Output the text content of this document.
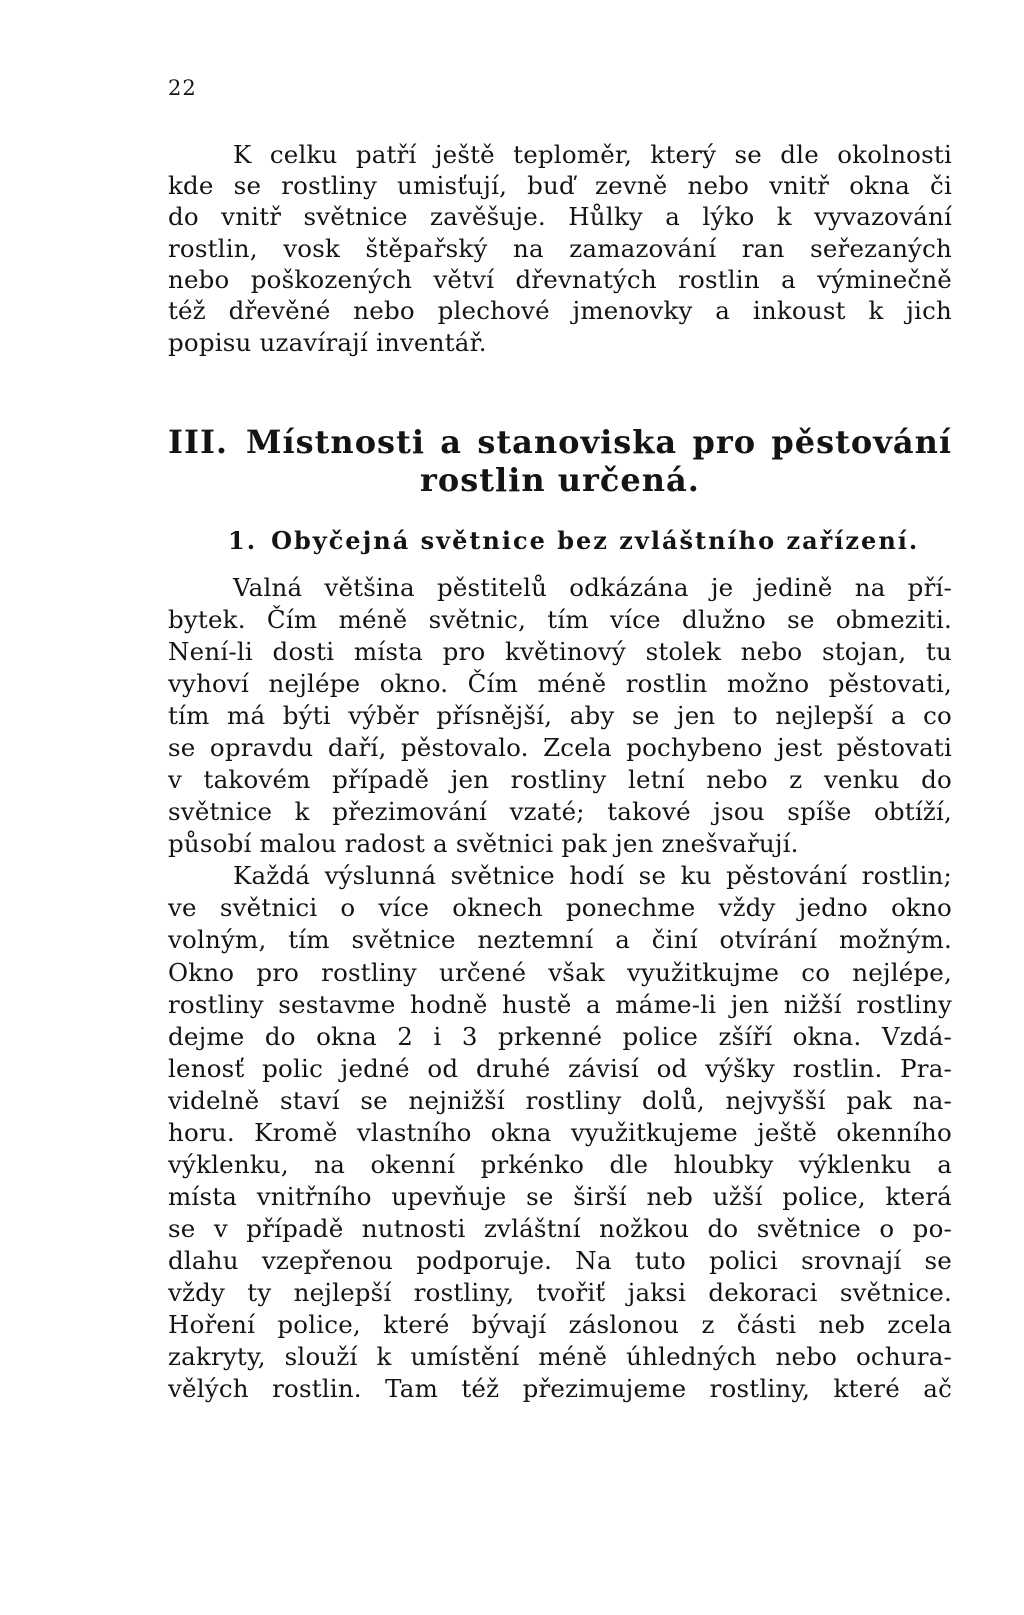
22
K celku patří ještě teploměr, který se dle okolnosti
kde se rostliny umisťují, buď zevně nebo vnitř okna či
do vnitř světnice zavěšuje. Hůlky a lýko k vyvazování
rostlin, vosk štěpařský na zamazování ran seřezaných
nebo poškozených větví dřevnatých rostlin a výminečně
též dřevěné nebo plechové jmenovky a inkoust k jich
popisu uzavírají inventář.
III. Místnosti a stanoviska pro pěstování
rostlin určená.
1. Obyčejná světnice bez zvláštního zařízení.
Valná většina pěstitelů odkázána je jedině na pří-
bytek. Čím méně světnic, tím více dlužno se obmeziti.
Není-li dosti místa pro květinový stolek nebo stojan, tu
vyhoví nejlépe okno. Čím méně rostlin možno pěstovati,
tím má býti výběr přísnější, aby se jen to nejlepší a co
se opravdu daří, pěstovalo. Zcela pochybeno jest pěstovati
v takovém případě jen rostliny letní nebo z venku do
světnice k přezimování vzaté; takové jsou spíše obtíží,
působí malou radost a světnici pak jen znešvařují.
Každá výslunná světnice hodí se ku pěstování rostlin;
ve světnici o více oknech ponechme vždy jedno okno
volným, tím světnice neztemní a činí otvírání možným.
Okno pro rostliny určené však využitkujme co nejlépe,
rostliny sestavme hodně hustě a máme-li jen nižší rostliny
dejme do okna 2 i 3 prkenné police zšíří okna. Vzdá-
lenosť polic jedné od druhé závisí od výšky rostlin. Pra-
videlně staví se nejnižší rostliny dolů, nejvyšší pak na-
horu. Kromě vlastního okna využitkujeme ještě okenního
výklenku, na okenní prkénko dle hloubky výklenku a
místa vnitřního upevňuje se širší neb užší police, která
se v případě nutnosti zvláštní nožkou do světnice o po-
dlahu vzepřenou podporuje. Na tuto polici srovnají se
vždy ty nejlepší rostliny, tvořiť jaksi dekoraci světnice.
Hoření police, které bývají záslonou z části neb zcela
zakryty, slouží k umístění méně úhledných nebo ochura-
vělých rostlin. Tam též přezimujeme rostliny, které ač
